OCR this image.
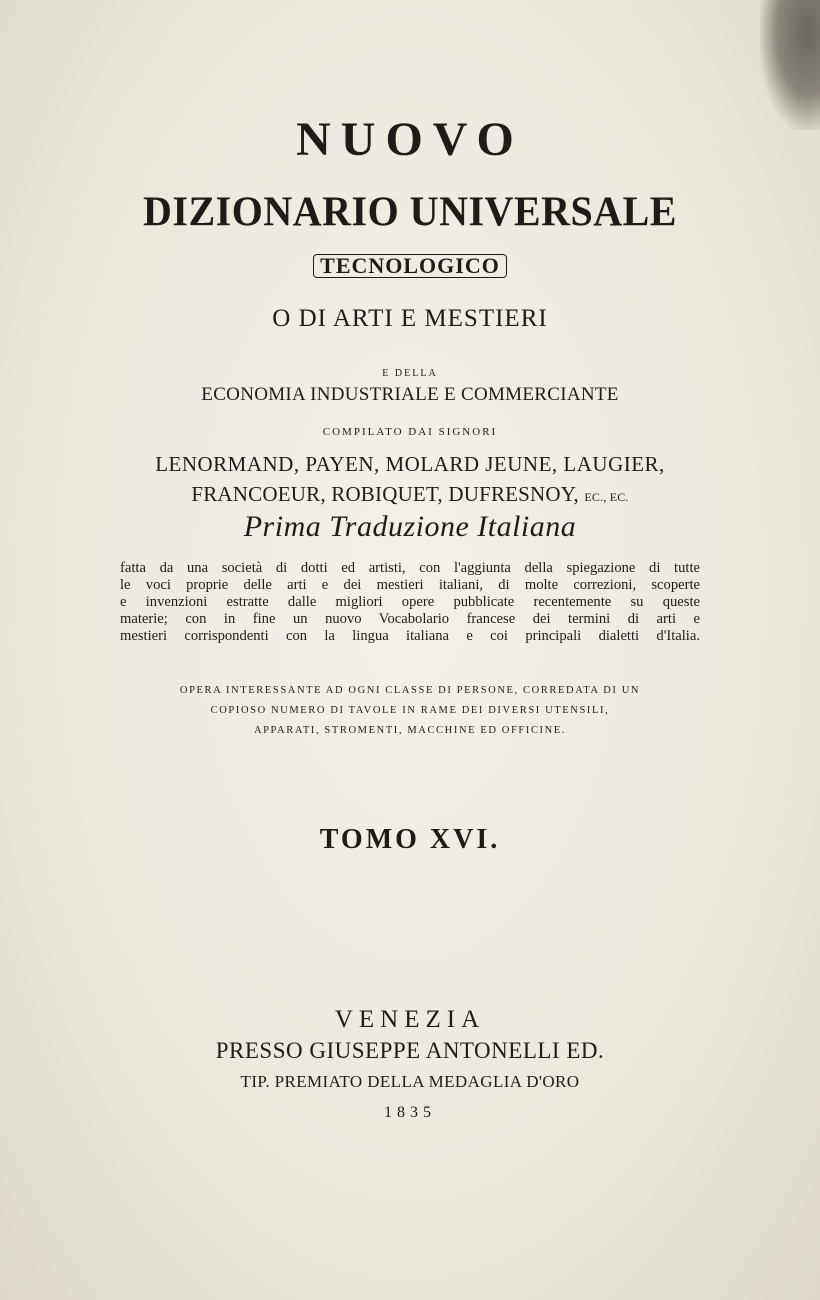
NUOVO
DIZIONARIO UNIVERSALE
TECNOLOGICO
O DI ARTI E MESTIERI
E DELLA
ECONOMIA INDUSTRIALE E COMMERCIANTE
COMPILATO DAI SIGNORI
LENORMAND, PAYEN, MOLARD JEUNE, LAUGIER,
FRANCOEUR, ROBIQUET, DUFRESNOY, EC., EC.
Prima Traduzione Italiana
fatta da una società di dotti ed artisti, con l'aggiunta della spiegazione di tutte
le voci proprie delle arti e dei mestieri italiani, di molte correzioni, scoperte
e invenzioni estratte dalle migliori opere pubblicate recentemente su queste
materie; con in fine un nuovo Vocabolario francese dei termini di arti e
mestieri corrispondenti con la lingua italiana e coi principali dialetti d'Italia.
OPERA INTERESSANTE AD OGNI CLASSE DI PERSONE, CORREDATA DI UN
COPIOSO NUMERO DI TAVOLE IN RAME DEI DIVERSI UTENSILI,
APPARATI, STROMENTI, MACCHINE ED OFFICINE.
TOMO XVI.
VENEZIA
PRESSO GIUSEPPE ANTONELLI ED.
TIP. PREMIATO DELLA MEDAGLIA D'ORO
1835
